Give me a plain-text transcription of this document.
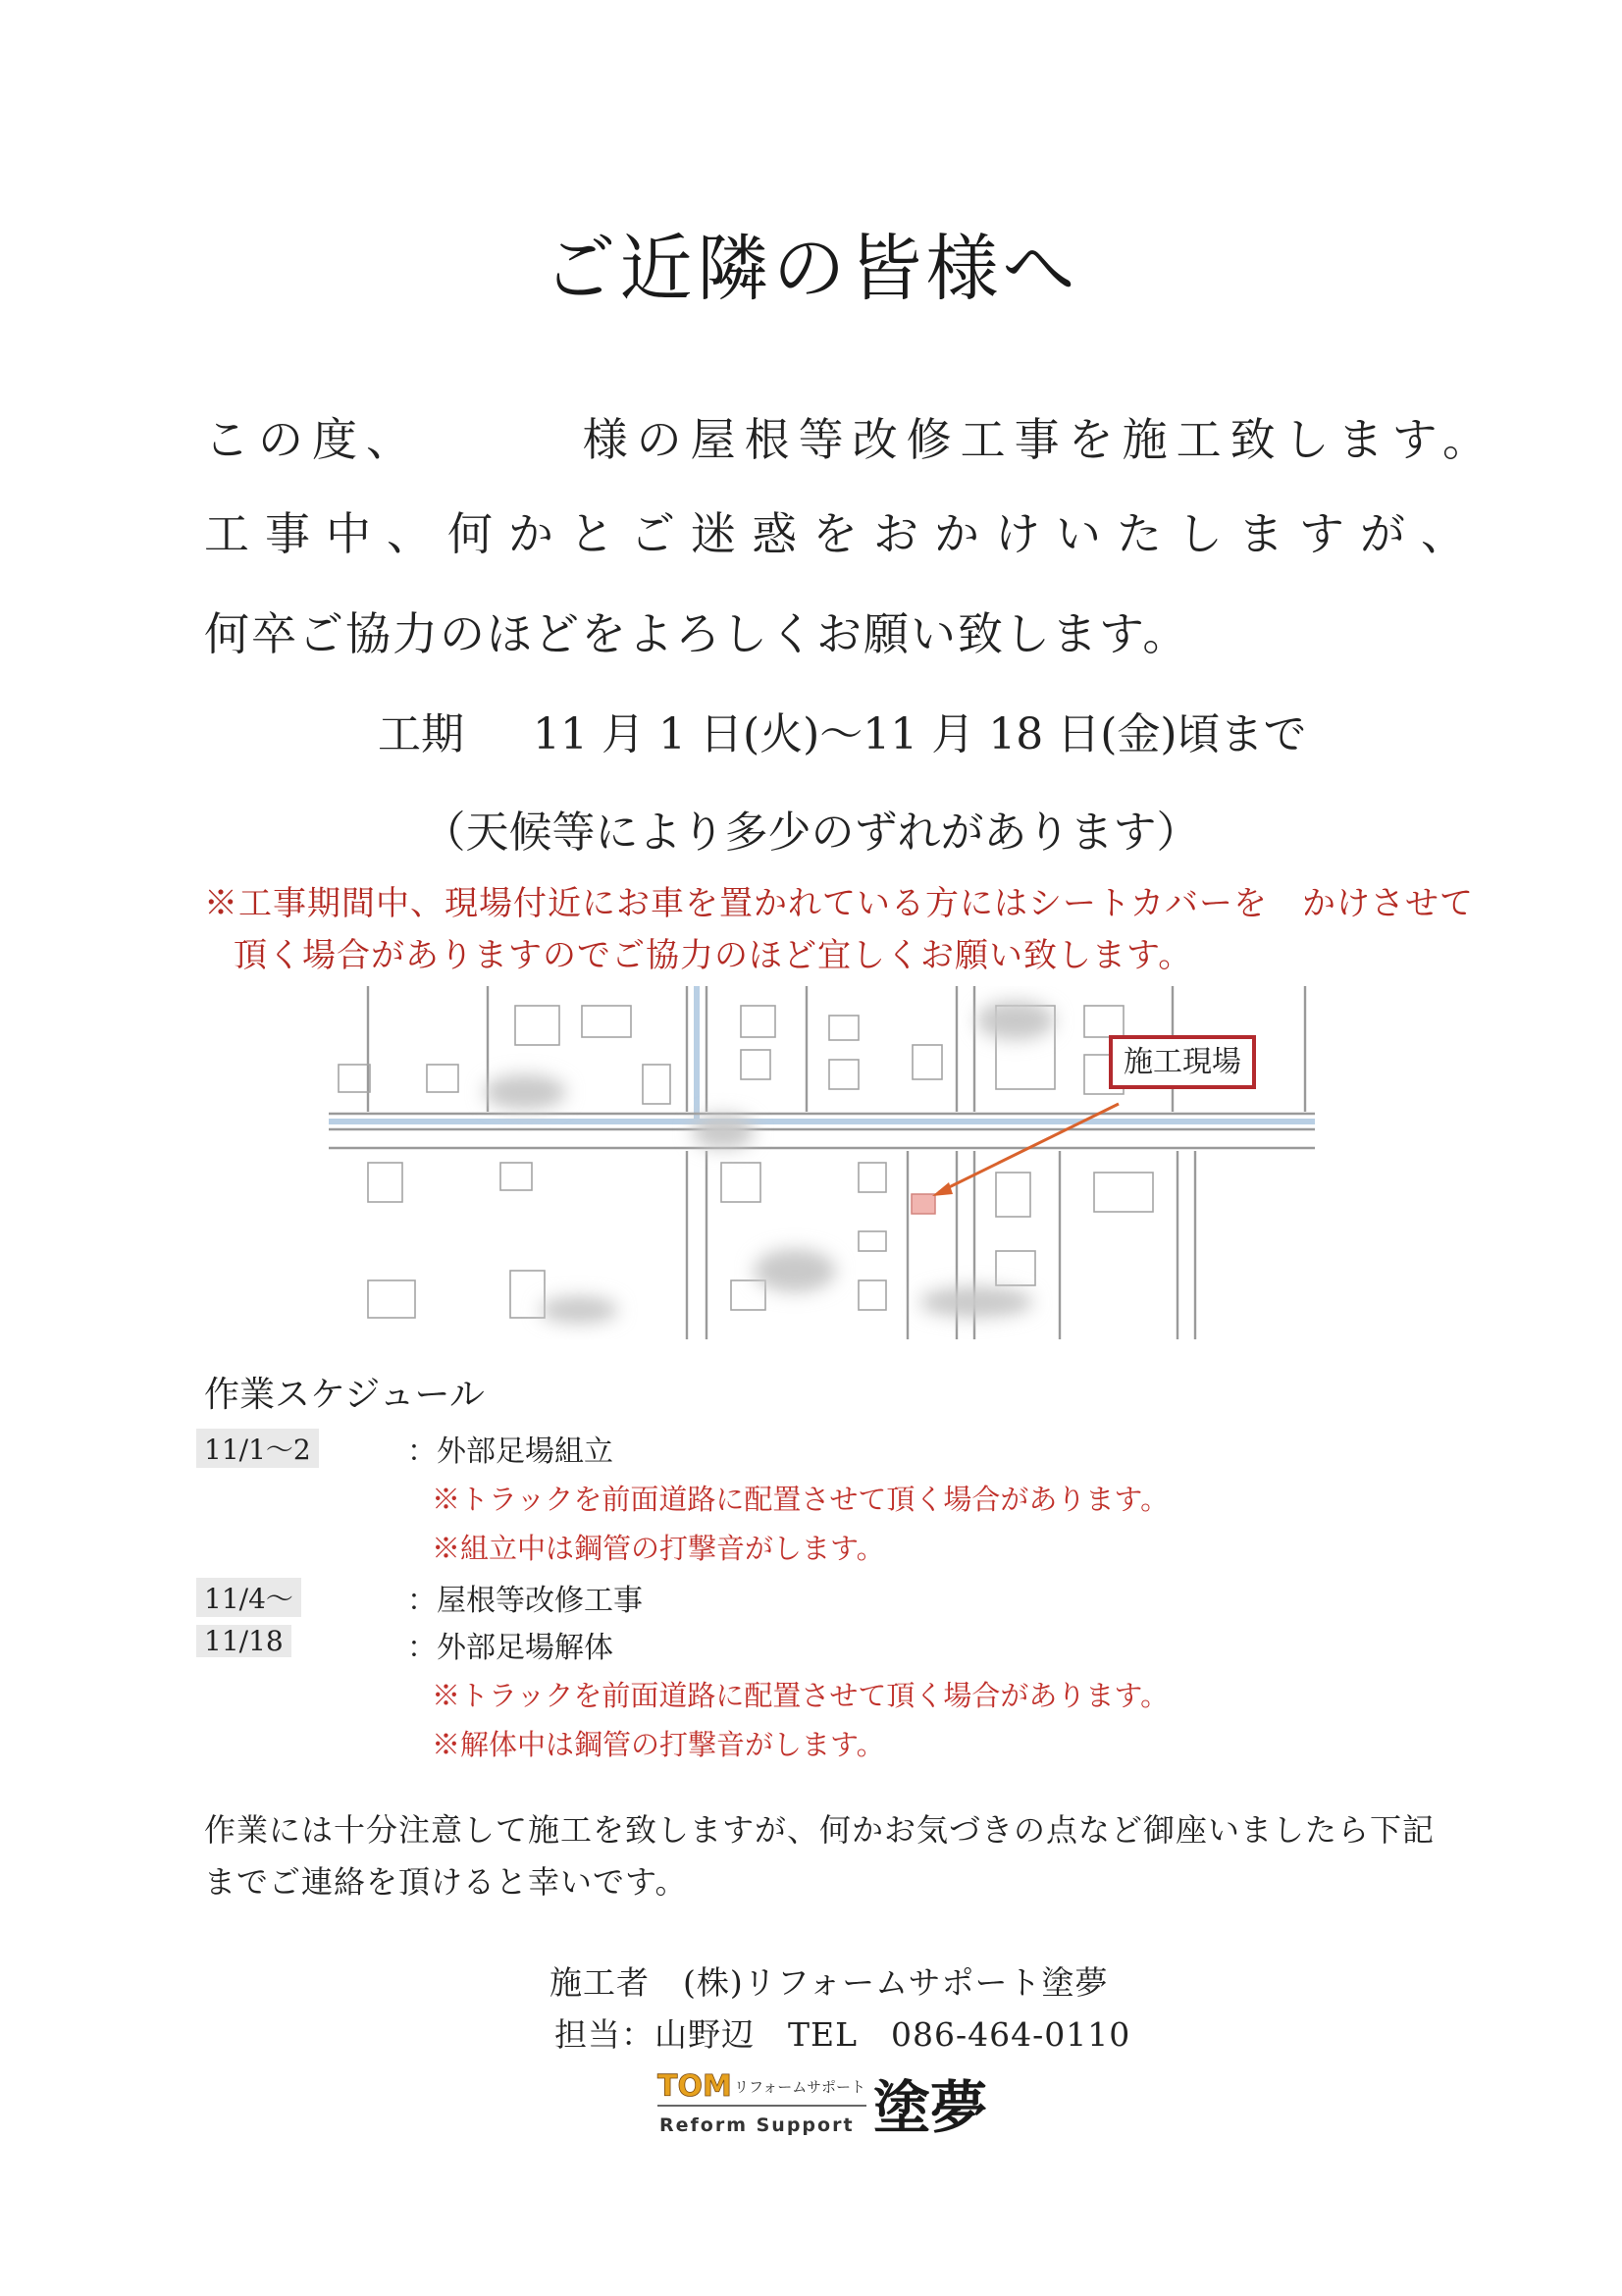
ご近隣の皆様へ
この度、　　　 様の屋根等改修工事を施工致します。
工事中、何かとご迷惑をおかけいたしますが、
何卒ご協力のほどをよろしくお願い致します。
工期 11 月 1 日(火)～11 月 18 日(金)頃まで
（天候等により多少のずれがあります）
※工事期間中、現場付近にお車を置かれている方にはシートカバーを　かけさせて
頂く場合がありますのでご協力のほど宜しくお願い致します。
施工現場
作業スケジュール
11/1～2	：外部足場組立
※トラックを前面道路に配置させて頂く場合があります。
※組立中は鋼管の打撃音がします。
11/4～	：屋根等改修工事
11/18	：外部足場解体
※トラックを前面道路に配置させて頂く場合があります。
※解体中は鋼管の打撃音がします。
作業には十分注意して施工を致しますが、何かお気づきの点など御座いましたら下記
までご連絡を頂けると幸いです。
施工者　(株)リフォームサポート塗夢
担当：山野辺　TEL　086-464-0110
TOM リフォームサポート
Reform Support 塗夢
